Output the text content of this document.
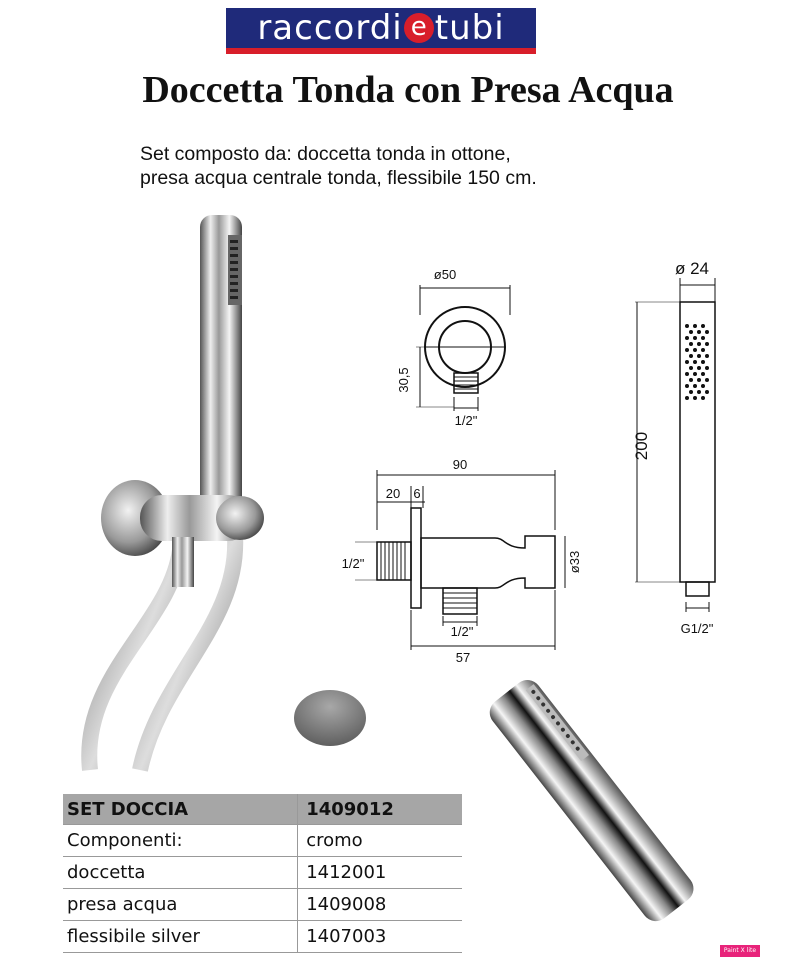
raccordi e tubi
Doccetta Tonda con Presa Acqua
Set composto da: doccetta tonda in ottone,
presa acqua centrale tonda, flessibile 150 cm.
ø50
1/2"
30,5
90
20 6
1/2"	ø33
1/2"
57
ø 24
200
G1/2"
SET DOCCIA	1409012
Componenti:	cromo
doccetta	1412001
presa acqua	1409008
flessibile silver	1407003
Paint X lite
